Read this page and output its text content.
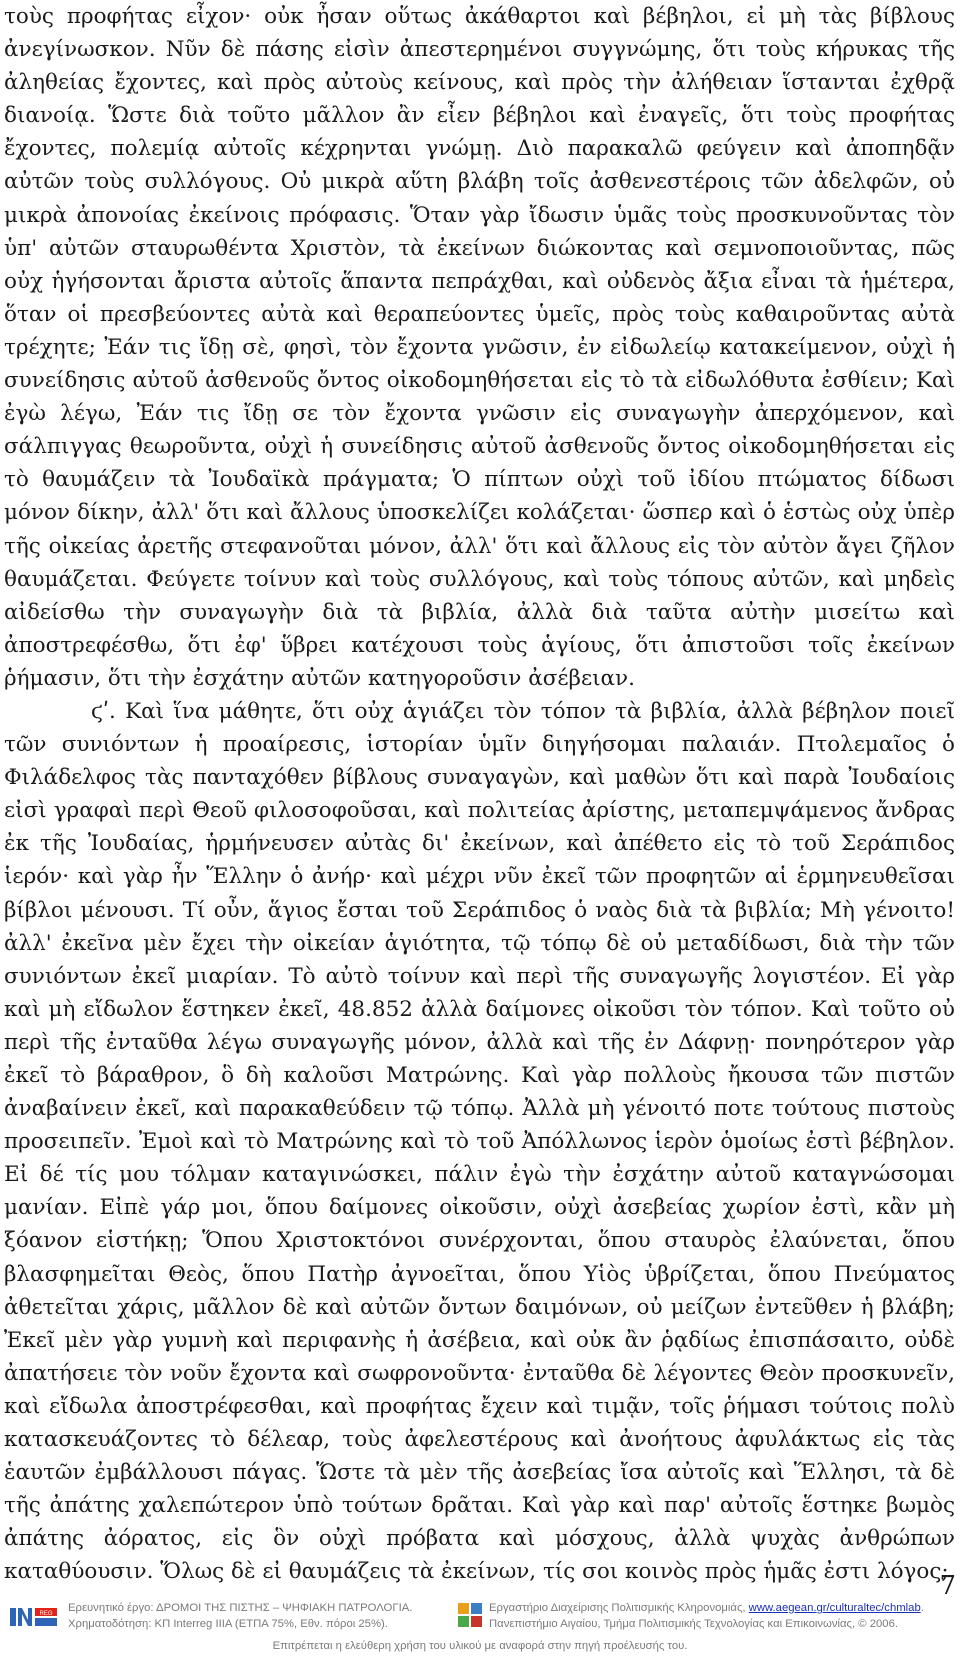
τοὺς προφήτας εἶχον· οὐκ ἦσαν οὕτως ἀκάθαρτοι καὶ βέβηλοι, εἰ μὴ τὰς βίβλους ἀνεγίνωσκον. Νῦν δὲ πάσης εἰσὶν ἀπεστερημένοι συγγνώμης, ὅτι τοὺς κήρυκας τῆς ἀληθείας ἔχοντες, καὶ πρὸς αὐτοὺς κείνους, καὶ πρὸς τὴν ἀλήθειαν ἵστανται ἐχθρᾷ διανοίᾳ. Ὥστε διὰ τοῦτο μᾶλλον ἂν εἶεν βέβηλοι καὶ ἐναγεῖς, ὅτι τοὺς προφήτας ἔχοντες, πολεμίᾳ αὐτοῖς κέχρηνται γνώμῃ. Διὸ παρακαλῶ φεύγειν καὶ ἀποπηδᾷν αὐτῶν τοὺς συλλόγους. Οὐ μικρὰ αὕτη βλάβη τοῖς ἀσθενεστέροις τῶν ἀδελφῶν, οὐ μικρὰ ἀπονοίας ἐκείνοις πρόφασις. Ὅταν γὰρ ἴδωσιν ὑμᾶς τοὺς προσκυνοῦντας τὸν ὑπ' αὐτῶν σταυρωθέντα Χριστὸν, τὰ ἐκείνων διώκοντας καὶ σεμνοποιοῦντας, πῶς οὐχ ἡγήσονται ἄριστα αὐτοῖς ἅπαντα πεπράχθαι, καὶ οὐδενὸς ἄξια εἶναι τὰ ἡμέτερα, ὅταν οἱ πρεσβεύοντες αὐτὰ καὶ θεραπεύοντες ὑμεῖς, πρὸς τοὺς καθαιροῦντας αὐτὰ τρέχητε; Ἐάν τις ἴδῃ σὲ, φησὶ, τὸν ἔχοντα γνῶσιν, ἐν εἰδωλείῳ κατακείμενον, οὐχὶ ἡ συνείδησις αὐτοῦ ἀσθενοῦς ὄντος οἰκοδομηθήσεται εἰς τὸ τὰ εἰδωλόθυτα ἐσθίειν; Καὶ ἐγὼ λέγω, Ἐάν τις ἴδῃ σε τὸν ἔχοντα γνῶσιν εἰς συναγωγὴν ἀπερχόμενον, καὶ σάλπιγγας θεωροῦντα, οὐχὶ ἡ συνείδησις αὐτοῦ ἀσθενοῦς ὄντος οἰκοδομηθήσεται εἰς τὸ θαυμάζειν τὰ Ἰουδαϊκὰ πράγματα; Ὁ πίπτων οὐχὶ τοῦ ἰδίου πτώματος δίδωσι μόνον δίκην, ἀλλ' ὅτι καὶ ἄλλους ὑποσκελίζει κολάζεται· ὥσπερ καὶ ὁ ἑστὼς οὐχ ὑπὲρ τῆς οἰκείας ἀρετῆς στεφανοῦται μόνον, ἀλλ' ὅτι καὶ ἄλλους εἰς τὸν αὐτὸν ἄγει ζῆλον θαυμάζεται. Φεύγετε τοίνυν καὶ τοὺς συλλόγους, καὶ τοὺς τόπους αὐτῶν, καὶ μηδεὶς αἰδείσθω τὴν συναγωγὴν διὰ τὰ βιβλία, ἀλλὰ διὰ ταῦτα αὐτὴν μισείτω καὶ ἀποστρεφέσθω, ὅτι ἐφ' ὕβρει κατέχουσι τοὺς ἁγίους, ὅτι ἀπιστοῦσι τοῖς ἐκείνων ῥήμασιν, ὅτι τὴν ἐσχάτην αὐτῶν κατηγοροῦσιν ἀσέβειαν.

ϛʹ. Καὶ ἵνα μάθητε, ὅτι οὐχ ἁγιάζει τὸν τόπον τὰ βιβλία, ἀλλὰ βέβηλον ποιεῖ τῶν συνιόντων ἡ προαίρεσις, ἱστορίαν ὑμῖν διηγήσομαι παλαιάν. Πτολεμαῖος ὁ Φιλάδελφος τὰς πανταχόθεν βίβλους συναγαγὼν, καὶ μαθὼν ὅτι καὶ παρὰ Ἰουδαίοις εἰσὶ γραφαὶ περὶ Θεοῦ φιλοσοφοῦσαι, καὶ πολιτείας ἀρίστης, μεταπεμψάμενος ἄνδρας ἐκ τῆς Ἰουδαίας, ἡρμήνευσεν αὐτὰς δι' ἐκείνων, καὶ ἀπέθετο εἰς τὸ τοῦ Σεράπιδος ἱερόν· καὶ γὰρ ἦν Ἕλλην ὁ ἀνήρ· καὶ μέχρι νῦν ἐκεῖ τῶν προφητῶν αἱ ἑρμηνευθεῖσαι βίβλοι μένουσι. Τί οὖν, ἅγιος ἔσται τοῦ Σεράπιδος ὁ ναὸς διὰ τὰ βιβλία; Μὴ γένοιτο! ἀλλ' ἐκεῖνα μὲν ἔχει τὴν οἰκείαν ἁγιότητα, τῷ τόπῳ δὲ οὐ μεταδίδωσι, διὰ τὴν τῶν συνιόντων ἐκεῖ μιαρίαν. Τὸ αὐτὸ τοίνυν καὶ περὶ τῆς συναγωγῆς λογιστέον. Εἰ γὰρ καὶ μὴ εἴδωλον ἕστηκεν ἐκεῖ, 48.852 ἀλλὰ δαίμονες οἰκοῦσι τὸν τόπον. Καὶ τοῦτο οὐ περὶ τῆς ἐνταῦθα λέγω συναγωγῆς μόνον, ἀλλὰ καὶ τῆς ἐν Δάφνῃ· πονηρότερον γὰρ ἐκεῖ τὸ βάραθρον, ὃ δὴ καλοῦσι Ματρώνης. Καὶ γὰρ πολλοὺς ἤκουσα τῶν πιστῶν ἀναβαίνειν ἐκεῖ, καὶ παρακαθεύδειν τῷ τόπῳ. Ἀλλὰ μὴ γένοιτό ποτε τούτους πιστοὺς προσειπεῖν. Ἐμοὶ καὶ τὸ Ματρώνης καὶ τὸ τοῦ Ἀπόλλωνος ἱερὸν ὁμοίως ἐστὶ βέβηλον. Εἰ δέ τίς μου τόλμαν καταγινώσκει, πάλιν ἐγὼ τὴν ἐσχάτην αὐτοῦ καταγνώσομαι μανίαν. Εἰπὲ γάρ μοι, ὅπου δαίμονες οἰκοῦσιν, οὐχὶ ἀσεβείας χωρίον ἐστὶ, κἂν μὴ ξόανον εἱστήκῃ; Ὅπου Χριστοκτόνοι συνέρχονται, ὅπου σταυρὸς ἐλαύνεται, ὅπου βλασφημεῖται Θεὸς, ὅπου Πατὴρ ἀγνοεῖται, ὅπου Υἱὸς ὑβρίζεται, ὅπου Πνεύματος ἀθετεῖται χάρις, μᾶλλον δὲ καὶ αὐτῶν ὄντων δαιμόνων, οὐ μείζων ἐντεῦθεν ἡ βλάβη; Ἐκεῖ μὲν γὰρ γυμνὴ καὶ περιφανὴς ἡ ἀσέβεια, καὶ οὐκ ἂν ῥᾳδίως ἐπισπάσαιτο, οὐδὲ ἀπατήσειε τὸν νοῦν ἔχοντα καὶ σωφρονοῦντα· ἐνταῦθα δὲ λέγοντες Θεὸν προσκυνεῖν, καὶ εἴδωλα ἀποστρέφεσθαι, καὶ προφήτας ἔχειν καὶ τιμᾷν, τοῖς ῥήμασι τούτοις πολὺ κατασκευάζοντες τὸ δέλεαρ, τοὺς ἀφελεστέρους καὶ ἀνοήτους ἀφυλάκτως εἰς τὰς ἑαυτῶν ἐμβάλλουσι πάγας. Ὥστε τὰ μὲν τῆς ἀσεβείας ἴσα αὐτοῖς καὶ Ἕλλησι, τὰ δὲ τῆς ἀπάτης χαλεπώτερον ὑπὸ τούτων δρᾶται. Καὶ γὰρ καὶ παρ' αὐτοῖς ἕστηκε βωμὸς ἀπάτης ἀόρατος, εἰς ὃν οὐχὶ πρόβατα καὶ μόσχους, ἀλλὰ ψυχὰς ἀνθρώπων καταθύουσιν. Ὅλως δὲ εἰ θαυμάζεις τὰ ἐκείνων, τίς σοι κοινὸς πρὸς ἡμᾶς ἐστι λόγος;

7
REG Ερευνητικό έργο: ΔΡΟΜΟΙ ΤΗΣ ΠΙΣΤΗΣ – ΨΗΦΙΑΚΗ ΠΑΤΡΟΛΟΓΙΑ.
Χρηματοδότηση: ΚΠ Interreg IIIA (ΕΤΠΑ 75%, Εθν. πόροι 25%).
Εργαστήριο Διαχείρισης Πολιτισμικής Κληρονομιάς, www.aegean.gr/culturaltec/chmlab.
Πανεπιστήμιο Αιγαίου, Τμήμα Πολιτισμικής Τεχνολογίας και Επικοινωνίας, © 2006.
Επιτρέπεται η ελεύθερη χρήση του υλικού με αναφορά στην πηγή προέλευσής του.
